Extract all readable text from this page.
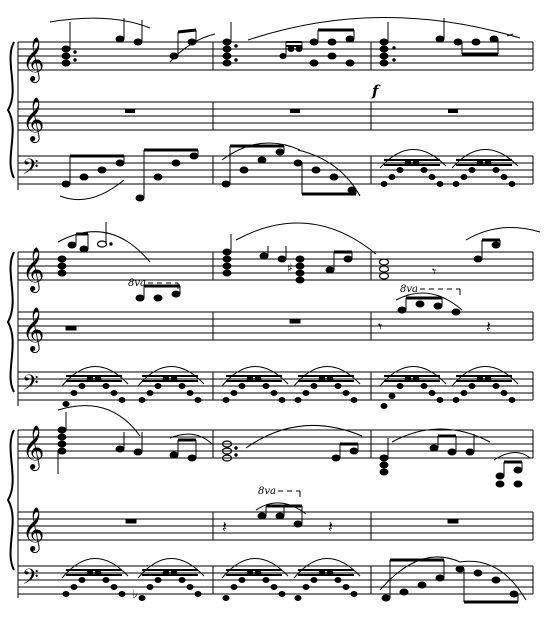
𝄞
𝄞
𝄢
f
𝄞
𝄞
𝄢
♯	𝄾
𝄾	𝄽
8va
8va
𝄞
𝄞
𝄢
𝄽	𝄽
8va
♭
